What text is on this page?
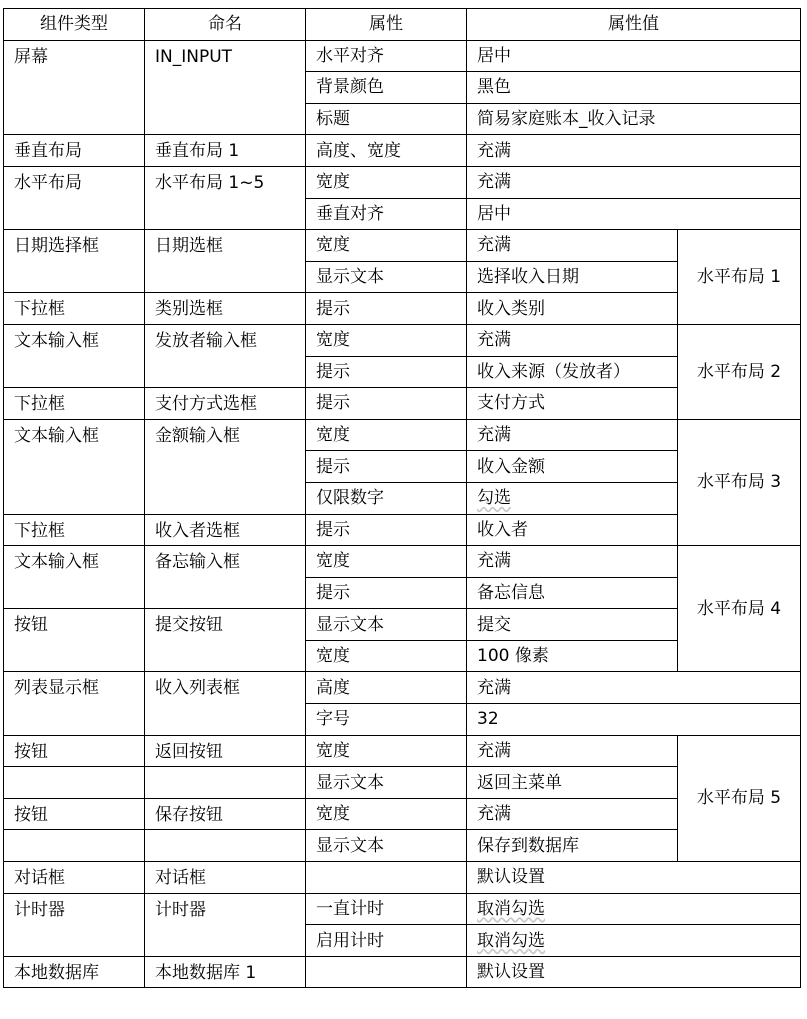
组件类型	命名	属性	属性值	
屏幕	IN_INPUT	水平对齐	居中	
		背景颜色	黑色	
		标题	简易家庭账本_收入记录	
垂直布局	垂直布局 1	高度、宽度	充满	
水平布局	水平布局 1~5	宽度	充满	
		垂直对齐	居中	
日期选择框	日期选框	宽度	充满	水平布局 1
		显示文本	选择收入日期	
下拉框	类别选框	提示	收入类别	
文本输入框	发放者输入框	宽度	充满	水平布局 2
		提示	收入来源（发放者）	
下拉框	支付方式选框	提示	支付方式	
文本输入框	金额输入框	宽度	充满	水平布局 3
		提示	收入金额	
		仅限数字	勾选	
下拉框	收入者选框	提示	收入者	
文本输入框	备忘输入框	宽度	充满	水平布局 4
		提示	备忘信息	
按钮	提交按钮	显示文本	提交	
		宽度	100 像素	
列表显示框	收入列表框	高度	充满	
		字号	32	
按钮	返回按钮	宽度	充满	水平布局 5
		显示文本	返回主菜单	
按钮	保存按钮	宽度	充满	
		显示文本	保存到数据库	
对话框	对话框		默认设置	
计时器	计时器	一直计时	取消勾选	
		启用计时	取消勾选	
本地数据库	本地数据库 1		默认设置	
